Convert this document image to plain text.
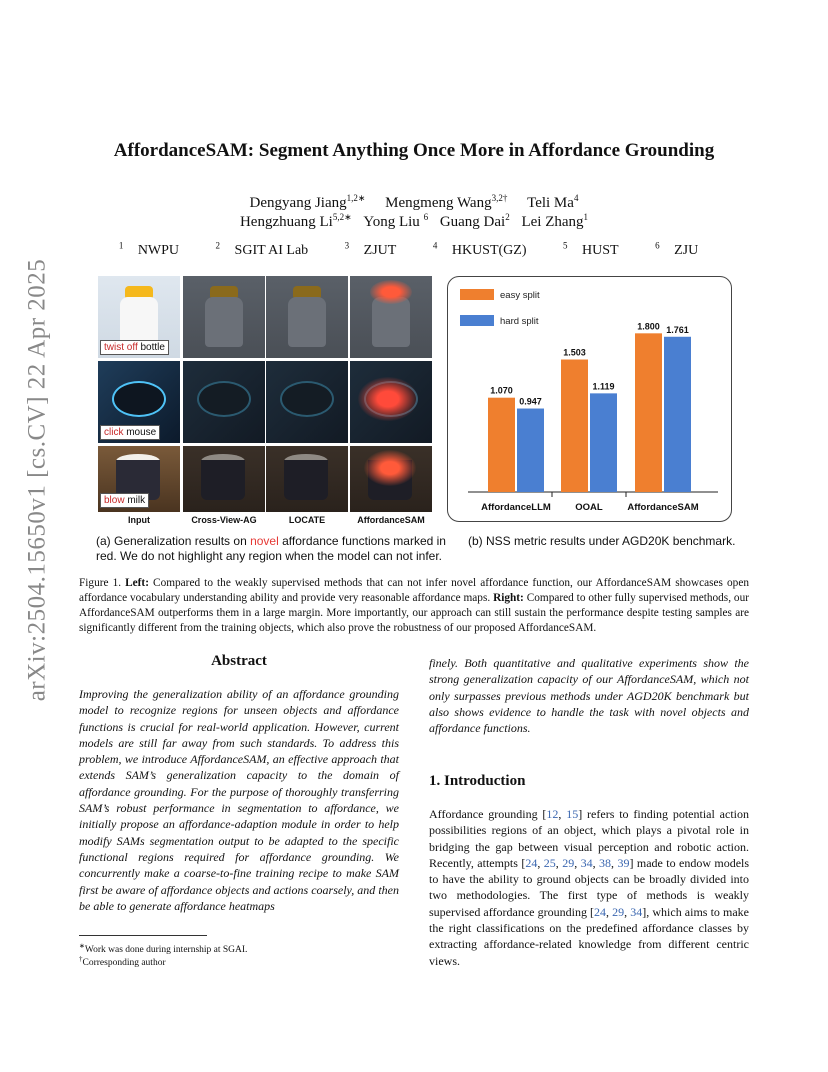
arXiv:2504.15650v1 [cs.CV] 22 Apr 2025
AffordanceSAM: Segment Anything Once More in Affordance Grounding
Dengyang Jiang$^{1,2∗}$ Mengmeng Wang$^{3,2\dagger}$ Teli Ma$^4$
Hengzhuang $Li^{5,2∗}$ Yong Liu $^6$ Guang Dai$^2$ Lei Zhang$^1$
$^1$ NWPU	$^2$ SGIT AI Lab	$^3$ ZJUT	$^4$ HKUST(GZ)	$^5$ HUST	$^6$ ZJU
twist off bottle
click mouse
blow milk
Input	Cross-View-AG	LOCATE	AffordanceSAM
(a) Generalization results on novel affordance functions marked in red. We do not highlight any region when the model can not infer.
1.070
0.947
AffordanceLLM
1.503
1.119
OOAL
1.800 1.761
AffordanceSAM
easy split
hard split
(b) NSS metric results under AGD20K benchmark.
Figure 1. Left: Compared to the weakly supervised methods that can not infer novel affordance function, our AffordanceSAM showcases open affordance vocabulary understanding ability and provide very reasonable affordance maps. Right: Compared to other fully supervised methods, our AffordanceSAM outperforms them in a large margin. More importantly, our approach can still sustain the performance despite testing samples are significantly different from the training objects, which also prove the robustness of our proposed AffordanceSAM.
Abstract
Improving the generalization ability of an affordance grounding model to recognize regions for unseen objects and affordance functions is crucial for real-world application. However, current models are still far away from such standards. To address this problem, we introduce AffordanceSAM, an effective approach that extends SAM’s generalization capacity to the domain of affordance grounding. For the purpose of thoroughly transferring SAM’s robust performance in segmentation to affordance, we initially propose an affordance-adaption module in order to help modify SAMs segmentation output to be adapted to the specific functional regions required for affordance grounding. We concurrently make a coarse-to-fine training recipe to make SAM first be aware of affordance objects and actions coarsely, and then be able to generate affordance heatmaps
finely. Both quantitative and qualitative experiments show the strong generalization capacity of our AffordanceSAM, which not only surpasses previous methods under AGD20K benchmark but also shows evidence to handle the task with novel objects and affordance functions.
1. Introduction
Affordance grounding [12, 15] refers to finding potential action possibilities regions of an object, which plays a pivotal role in bridging the gap between visual perception and robotic action. Recently, attempts [24, 25, 29, 34, 38, 39] made to endow models to have the ability to ground objects can be broadly divided into two methodologies. The first type of methods is weakly supervised affordance grounding [24, 29, 34], which aims to make the right classifications on the predefined affordance classes by extracting affordance-related knowledge from different centric views.
∗Work was done during internship at SGAI.
†Corresponding author
